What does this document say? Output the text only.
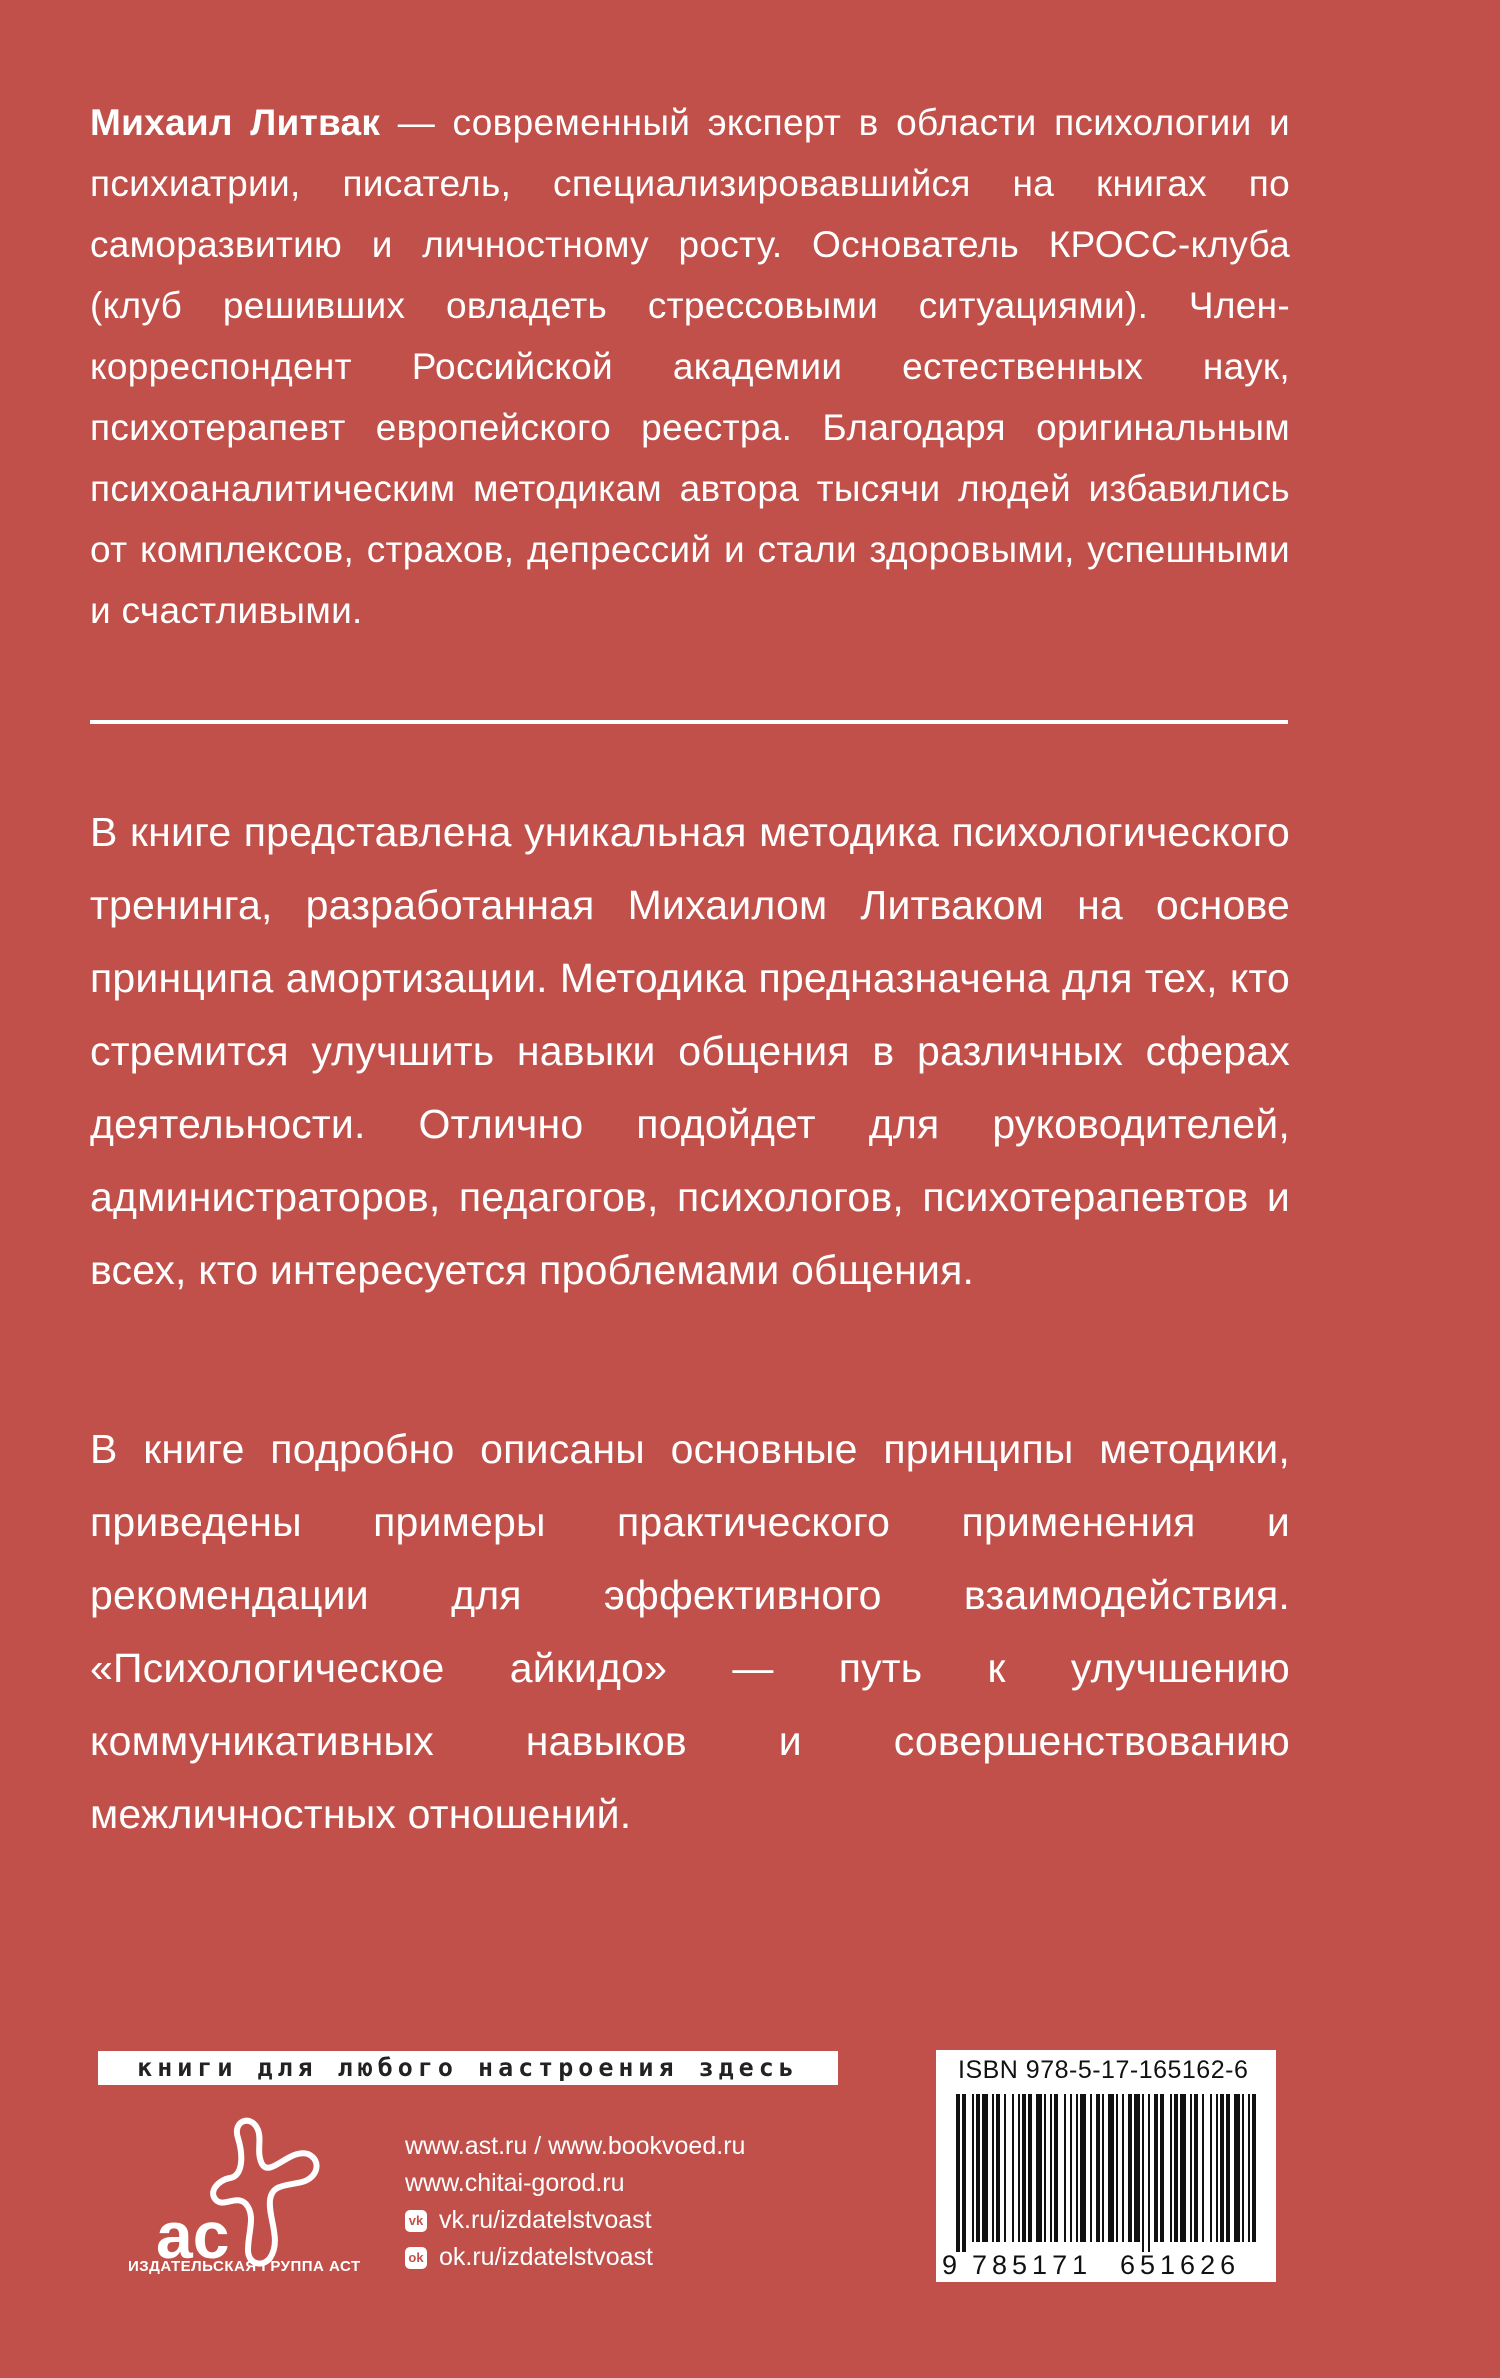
Михаил Литвак — современный эксперт в области психологии и психиатрии, писатель, специализировавшийся на книгах по саморазвитию и личностному росту. Основатель КРОСС-клуба (клуб решивших овладеть стрессовыми ситуациями). Член-корреспондент Российской академии естественных наук, психотерапевт европейского реестра. Благодаря оригинальным психоаналитическим методикам автора тысячи людей избавились от комплексов, страхов, депрессий и стали здоровыми, успешными и счастливыми.

В книге представлена уникальная методика психологического тренинга, разработанная Михаилом Литваком на основе принципа амортизации. Методика предназначена для тех, кто стремится улучшить навыки общения в различных сферах деятельности. Отлично подойдет для руководителей, администраторов, педагогов, психологов, психотерапевтов и всех, кто интересуется проблемами общения.

В книге подробно описаны основные принципы методики, приведены примеры практического применения и рекомендации для эффективного взаимодействия. «Психологическое айкидо» — путь к улучшению коммуникативных навыков и совершенствованию межличностных отношений.

книги для любого настроения здесь
ac
ИЗДАТЕЛЬСКАЯ ГРУППА АСТ
www.ast.ru / www.bookvoed.ru
www.chitai-gorod.ru
vk vk.ru/izdatelstvoast
ok ok.ru/izdatelstvoast
ISBN 978-5-17-165162-6
9 785171 651626
